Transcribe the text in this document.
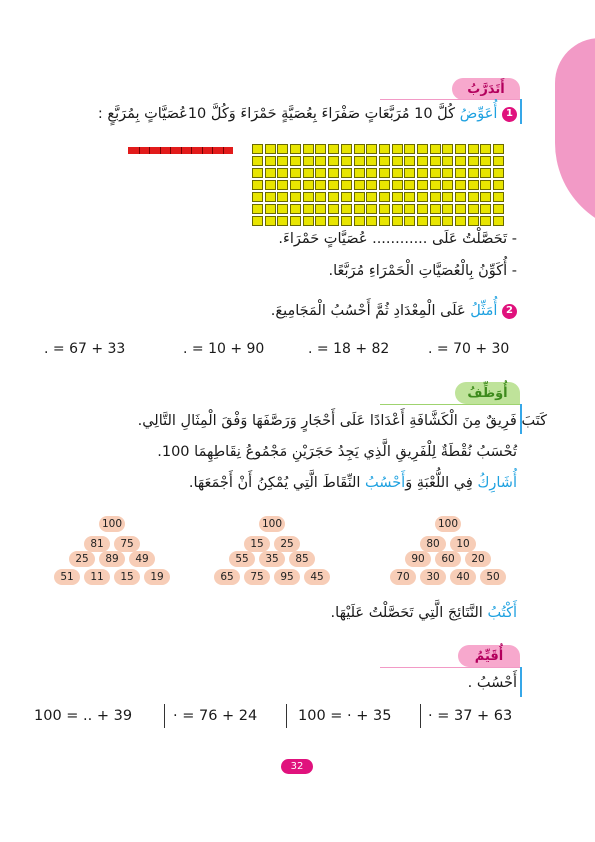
أَتَدَرَّبُ
1 أُعَوِّضُ كُلَّ 10 مُرَبَّعَاتٍ صَفْرَاءَ بِعُصَيَّةٍ حَمْرَاءَ وَكُلَّ 10عُصَيَّاتٍ بِمُرَبَّعٍ :
- تَحَصَّلْتُ عَلَى ............ عُصَيَّاتٍ حَمْرَاءَ.
- أُكَوِّنُ بِالْعُصَيَّاتِ الْحَمْرَاءِ مُرَبَّعًا.
2 أُمَثِّلُ عَلَى الْمِعْدَادِ ثُمَّ أَحْسُبُ الْمَجَامِيعَ.
. = 67 + 33	. = 10 + 90	. = 18 + 82	. = 70 + 30
أُوَظِّفُ
كَتَبَ فَرِيقٌ مِنَ الْكَشَّافَةِ أَعْدَادًا عَلَى أَحْجَارٍ وَرَصَّفَهَا وَفْقَ الْمِثَالِ التَّالِي.
تُحْسَبُ نُقْطَةٌ لِلْفَرِيقِ الَّذِي يَجِدُ حَجَرَيْنِ مَجْمُوعُ نِقَاطِهِمَا 100.
أُشَارِكُ فِي اللُّعْبَةِ وَأَحْسُبُ النِّقَاطَ الَّتِي يُمْكِنُ أَنْ أَجْمَعَهَا.
100
81	75
25	89	49
51	11	15	19
100
15	25
55	35	85
65	75	95	45
100
80	10
90	60	20
70	30	40	50
أَكْتُبُ النَّتَائِجَ الَّتِي تَحَصَّلْتُ عَلَيْهَا.
أُقَيِّمُ
أَحْسُبُ .
100 = .. + 39	· = 76 + 24	100 = · + 35	· = 37 + 63
32
